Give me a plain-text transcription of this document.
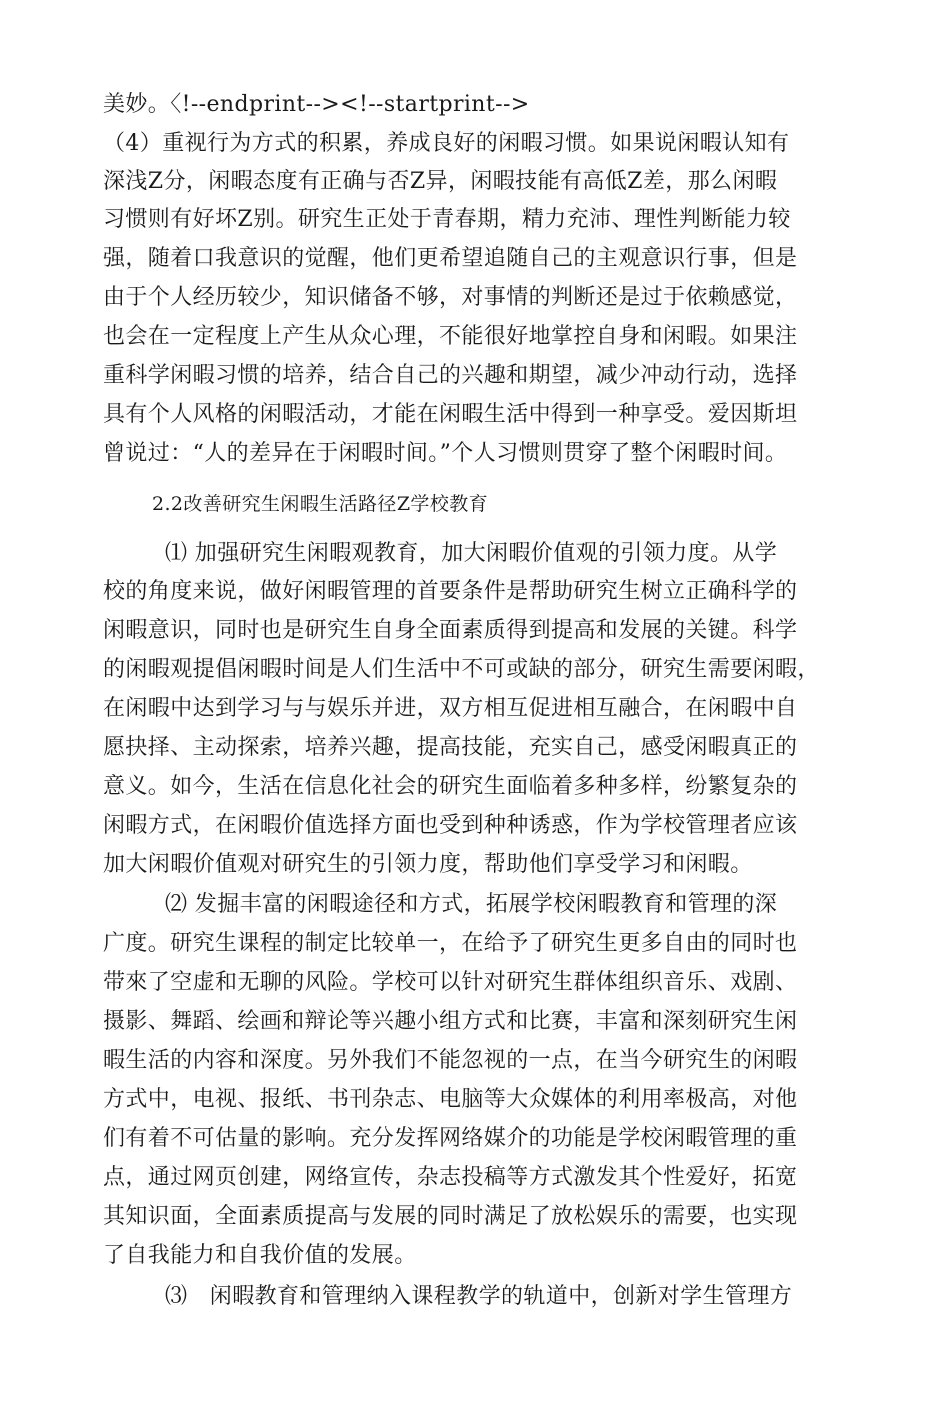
美妙。〈!--endprint--><!--startprint-->
（4）重视行为方式的积累，养成良好的闲暇习惯。如果说闲暇认知有
深浅Z分，闲暇态度有正确与否Z异，闲暇技能有高低Z差，那么闲暇
习惯则有好坏Z别。研究生正处于青春期，精力充沛、理性判断能力较
强，随着口我意识的觉醒，他们更希望追随自己的主观意识行事，但是
由于个人经历较少，知识储备不够，对事情的判断还是过于依赖感觉，
也会在一定程度上产生从众心理，不能很好地掌控自身和闲暇。如果注
重科学闲暇习惯的培养，结合自己的兴趣和期望，减少冲动行动，选择
具有个人风格的闲暇活动，才能在闲暇生活中得到一种享受。爱因斯坦
曾说过：“人的差异在于闲暇时间。”个人习惯则贯穿了整个闲暇时间。
2.2改善研究生闲暇生活路径Z学校教育
⑴ 加强研究生闲暇观教育，加大闲暇价值观的引领力度。从学
校的角度来说，做好闲暇管理的首要条件是帮助研究生树立正确科学的
闲暇意识，同时也是研究生自身全面素质得到提高和发展的关键。科学
的闲暇观提倡闲暇时间是人们生活中不可或缺的部分，研究生需要闲暇，
在闲暇中达到学习与与娱乐并进，双方相互促进相互融合，在闲暇中自
愿抉择、主动探索，培养兴趣，提高技能，充实自己，感受闲暇真正的
意义。如今，生活在信息化社会的研究生面临着多种多样，纷繁复杂的
闲暇方式，在闲暇价值选择方面也受到种种诱惑，作为学校管理者应该
加大闲暇价值观对研究生的引领力度，帮助他们享受学习和闲暇。
⑵ 发掘丰富的闲暇途径和方式，拓展学校闲暇教育和管理的深
广度。研究生课程的制定比较单一，在给予了研究生更多自由的同时也
带來了空虚和无聊的风险。学校可以针对研究生群体组织音乐、戏剧、
摄影、舞蹈、绘画和辩论等兴趣小组方式和比赛，丰富和深刻研究生闲
暇生活的内容和深度。另外我们不能忽视的一点，在当今研究生的闲暇
方式中，电视、报纸、书刊杂志、电脑等大众媒体的利用率极高，对他
们有着不可估量的影响。充分发挥网络媒介的功能是学校闲暇管理的重
点，通过网页创建，网络宣传，杂志投稿等方式激发其个性爱好，拓宽
其知识面，全面素质提高与发展的同时满足了放松娱乐的需要，也实现
了自我能力和自我价值的发展。
⑶　闲暇教育和管理纳入课程教学的轨道中，创新对学生管理方
